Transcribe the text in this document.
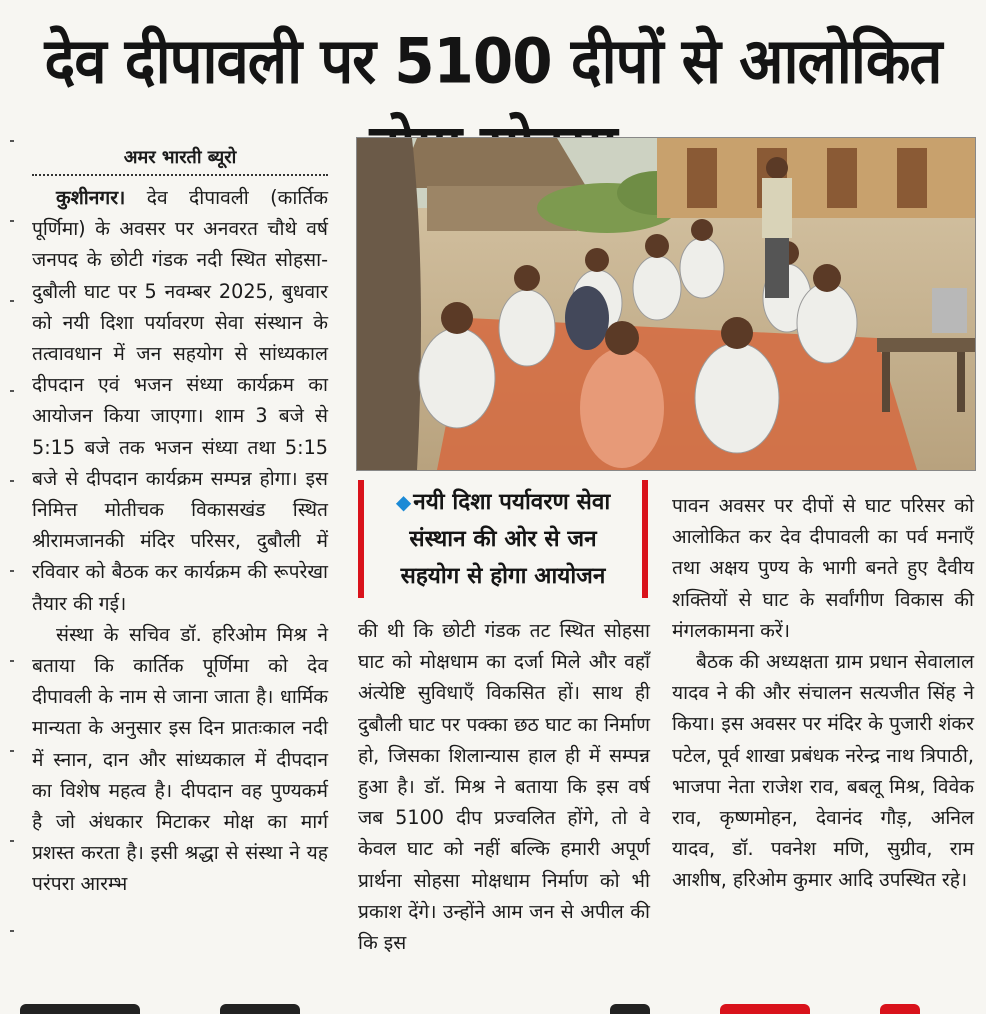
देव दीपावली पर 5100 दीपों से आलोकित
अमर भारती ब्यूरो

कुशीनगर। देव दीपावली (कार्तिक पूर्णिमा) के अवसर पर अनवरत चौथे वर्ष जनपद के छोटी गंडक नदी स्थित सोहसा-दुबौली घाट पर 5 नवम्बर 2025, बुधवार को नयी दिशा पर्यावरण सेवा संस्थान के तत्वावधान में जन सहयोग से सांध्यकाल दीपदान एवं भजन संध्या कार्यक्रम का आयोजन किया जाएगा। शाम 3 बजे से 5:15 बजे तक भजन संध्या तथा 5:15 बजे से दीपदान कार्यक्रम सम्पन्न होगा। इस निमित्त मोतीचक विकासखंड स्थित श्रीरामजानकी मंदिर परिसर, दुबौली में रविवार को बैठक कर कार्यक्रम की रूपरेखा तैयार की गई।

संस्था के सचिव डॉ. हरिओम मिश्र ने बताया कि कार्तिक पूर्णिमा को देव दीपावली के नाम से जाना जाता है। धार्मिक मान्यता के अनुसार इस दिन प्रातःकाल नदी में स्नान, दान और सांध्यकाल में दीपदान का विशेष महत्व है। दीपदान वह पुण्यकर्म है जो अंधकार मिटाकर मोक्ष का मार्ग प्रशस्त करता है। इसी श्रद्धा से संस्था ने यह परंपरा आरम्भ

◆नयी दिशा पर्यावरण सेवा
संस्थान की ओर से जन
सहयोग से होगा आयोजन

की थी कि छोटी गंडक तट स्थित सोहसा घाट को मोक्षधाम का दर्जा मिले और वहाँ अंत्येष्टि सुविधाएँ विकसित हों। साथ ही दुबौली घाट पर पक्का छठ घाट का निर्माण हो, जिसका शिलान्यास हाल ही में सम्पन्न हुआ है। डॉ. मिश्र ने बताया कि इस वर्ष जब 5100 दीप प्रज्वलित होंगे, तो वे केवल घाट को नहीं बल्कि हमारी अपूर्ण प्रार्थना सोहसा मोक्षधाम निर्माण को भी प्रकाश देंगे। उन्होंने आम जन से अपील की कि इस

पावन अवसर पर दीपों से घाट परिसर को आलोकित कर देव दीपावली का पर्व मनाएँ तथा अक्षय पुण्य के भागी बनते हुए दैवीय शक्तियों से घाट के सर्वांगीण विकास की मंगलकामना करें।

बैठक की अध्यक्षता ग्राम प्रधान सेवालाल यादव ने की और संचालन सत्यजीत सिंह ने किया। इस अवसर पर मंदिर के पुजारी शंकर पटेल, पूर्व शाखा प्रबंधक नरेन्द्र नाथ त्रिपाठी, भाजपा नेता राजेश राव, बबलू मिश्र, विवेक राव, कृष्णमोहन, देवानंद गौड़, अनिल यादव, डॉ. पवनेश मणि, सुग्रीव, राम आशीष, हरिओम कुमार आदि उपस्थित रहे।
